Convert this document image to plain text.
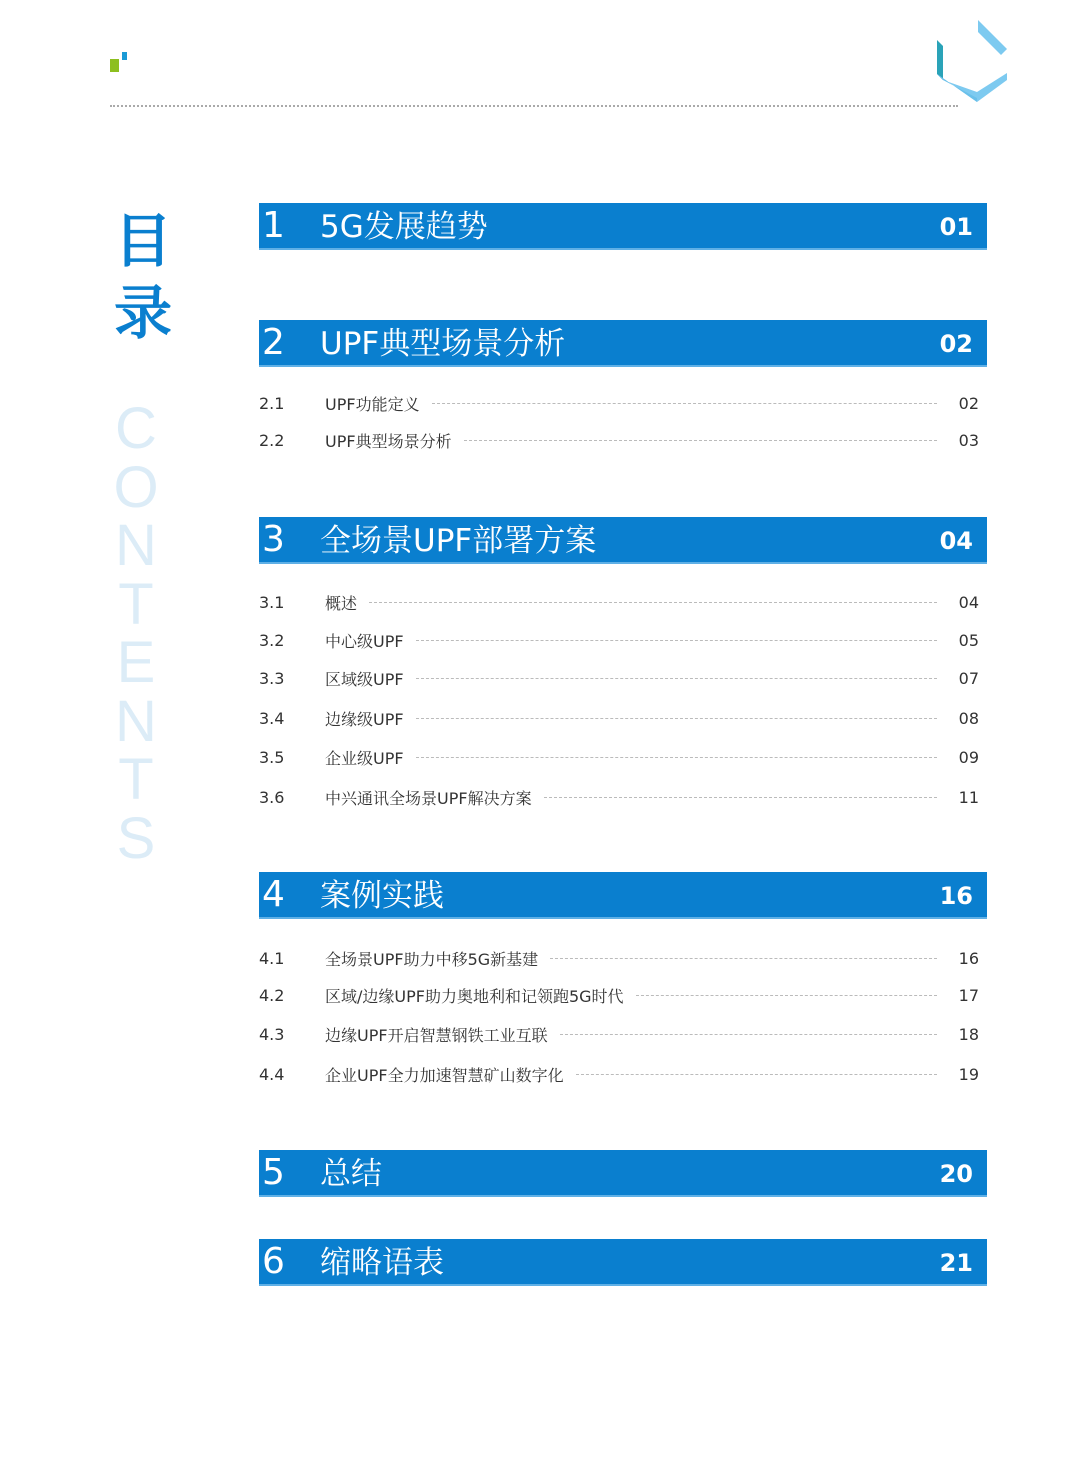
目
录
C
O
N
T
E
N
T
S
1 5G发展趋势	01
2 UPF典型场景分析	02
2.1	UPF功能定义	02
2.2	UPF典型场景分析	03
3 全场景UPF部署方案	04
3.1	概述	04
3.2	中心级UPF	05
3.3	区域级UPF	07
3.4	边缘级UPF	08
3.5	企业级UPF	09
3.6	中兴通讯全场景UPF解决方案	11
4 案例实践	16
4.1	全场景UPF助力中移5G新基建	16
4.2	区域/边缘UPF助力奥地利和记领跑5G时代	17
4.3	边缘UPF开启智慧钢铁工业互联	18
4.4	企业UPF全力加速智慧矿山数字化	19
5 总结	20
6 缩略语表	21
